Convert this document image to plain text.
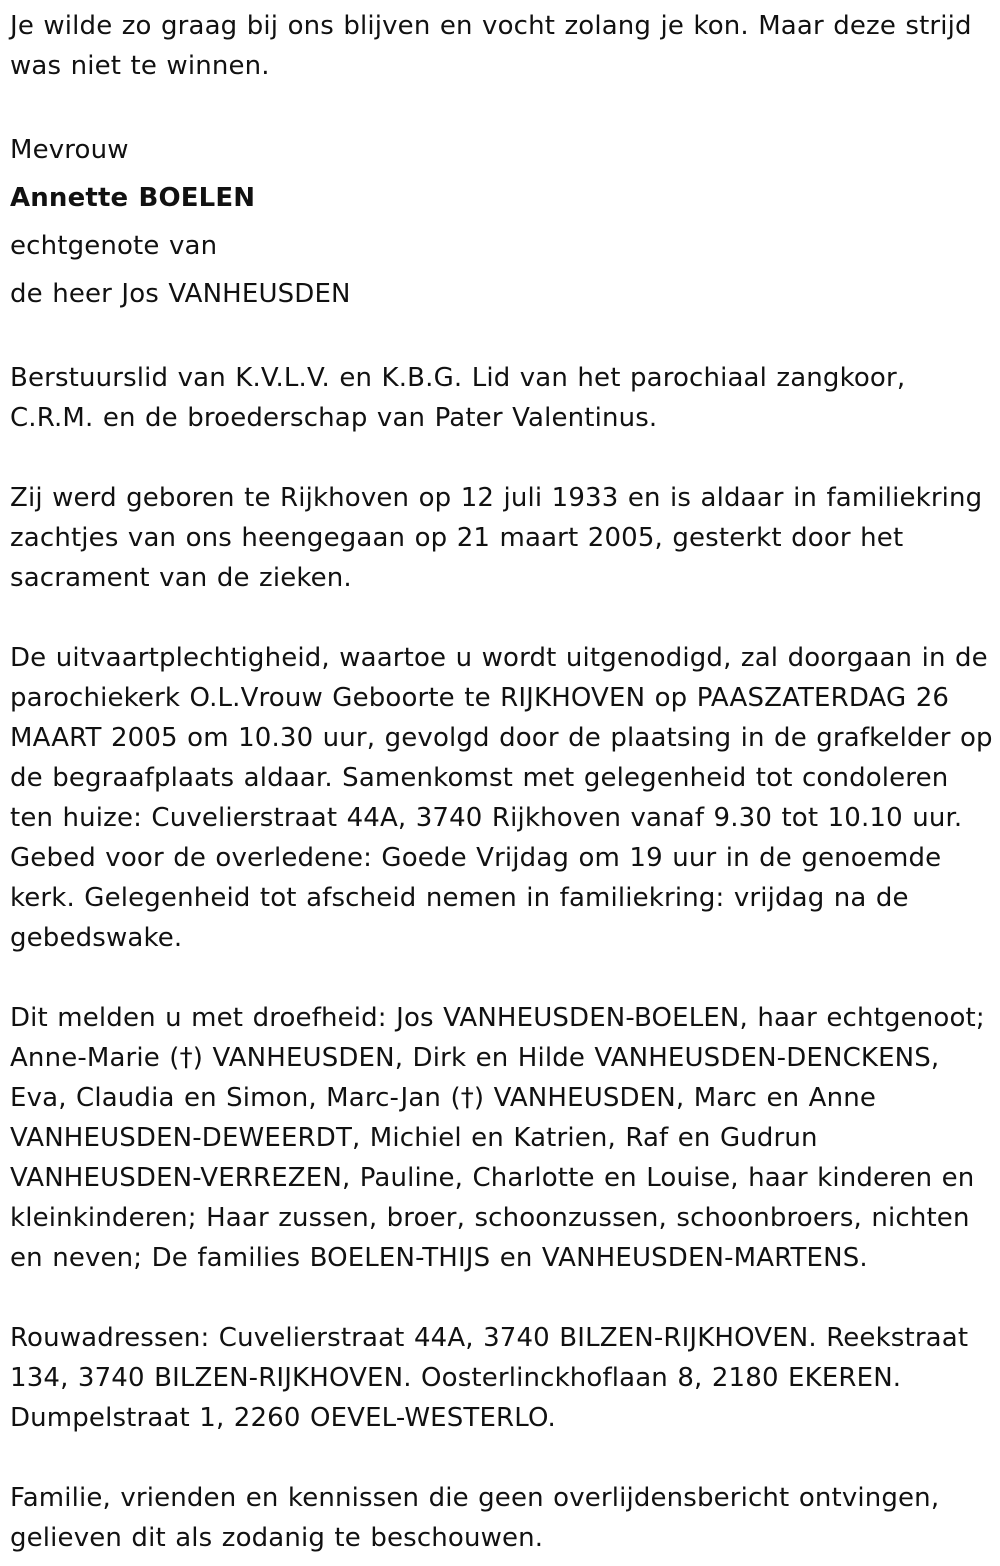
Je wilde zo graag bij ons blijven en vocht zolang je kon. Maar deze strijd was niet te winnen.

Mevrouw
Annette BOELEN
echtgenote van
de heer Jos VANHEUSDEN

Berstuurslid van K.V.L.V. en K.B.G. Lid van het parochiaal zangkoor, C.R.M. en de broederschap van Pater Valentinus.

Zij werd geboren te Rijkhoven op 12 juli 1933 en is aldaar in familiekring zachtjes van ons heengegaan op 21 maart 2005, gesterkt door het sacrament van de zieken.

De uitvaartplechtigheid, waartoe u wordt uitgenodigd, zal doorgaan in de parochiekerk O.L.Vrouw Geboorte te RIJKHOVEN op PAASZATERDAG 26 MAART 2005 om 10.30 uur, gevolgd door de plaatsing in de grafkelder op de begraafplaats aldaar. Samenkomst met gelegenheid tot condoleren ten huize: Cuvelierstraat 44A, 3740 Rijkhoven vanaf 9.30 tot 10.10 uur. Gebed voor de overledene: Goede Vrijdag om 19 uur in de genoemde kerk. Gelegenheid tot afscheid nemen in familiekring: vrijdag na de gebedswake.

Dit melden u met droefheid: Jos VANHEUSDEN-BOELEN, haar echtgenoot; Anne-Marie (†) VANHEUSDEN, Dirk en Hilde VANHEUSDEN-DENCKENS, Eva, Claudia en Simon, Marc-Jan (†) VANHEUSDEN, Marc en Anne VANHEUSDEN-DEWEERDT, Michiel en Katrien, Raf en Gudrun VANHEUSDEN-VERREZEN, Pauline, Charlotte en Louise, haar kinderen en kleinkinderen; Haar zussen, broer, schoonzussen, schoonbroers, nichten en neven; De families BOELEN-THIJS en VANHEUSDEN-MARTENS.

Rouwadressen: Cuvelierstraat 44A, 3740 BILZEN-RIJKHOVEN. Reekstraat 134, 3740 BILZEN-RIJKHOVEN. Oosterlinckhoflaan 8, 2180 EKEREN. Dumpelstraat 1, 2260 OEVEL-WESTERLO.

Familie, vrienden en kennissen die geen overlijdensbericht ontvingen, gelieven dit als zodanig te beschouwen.
